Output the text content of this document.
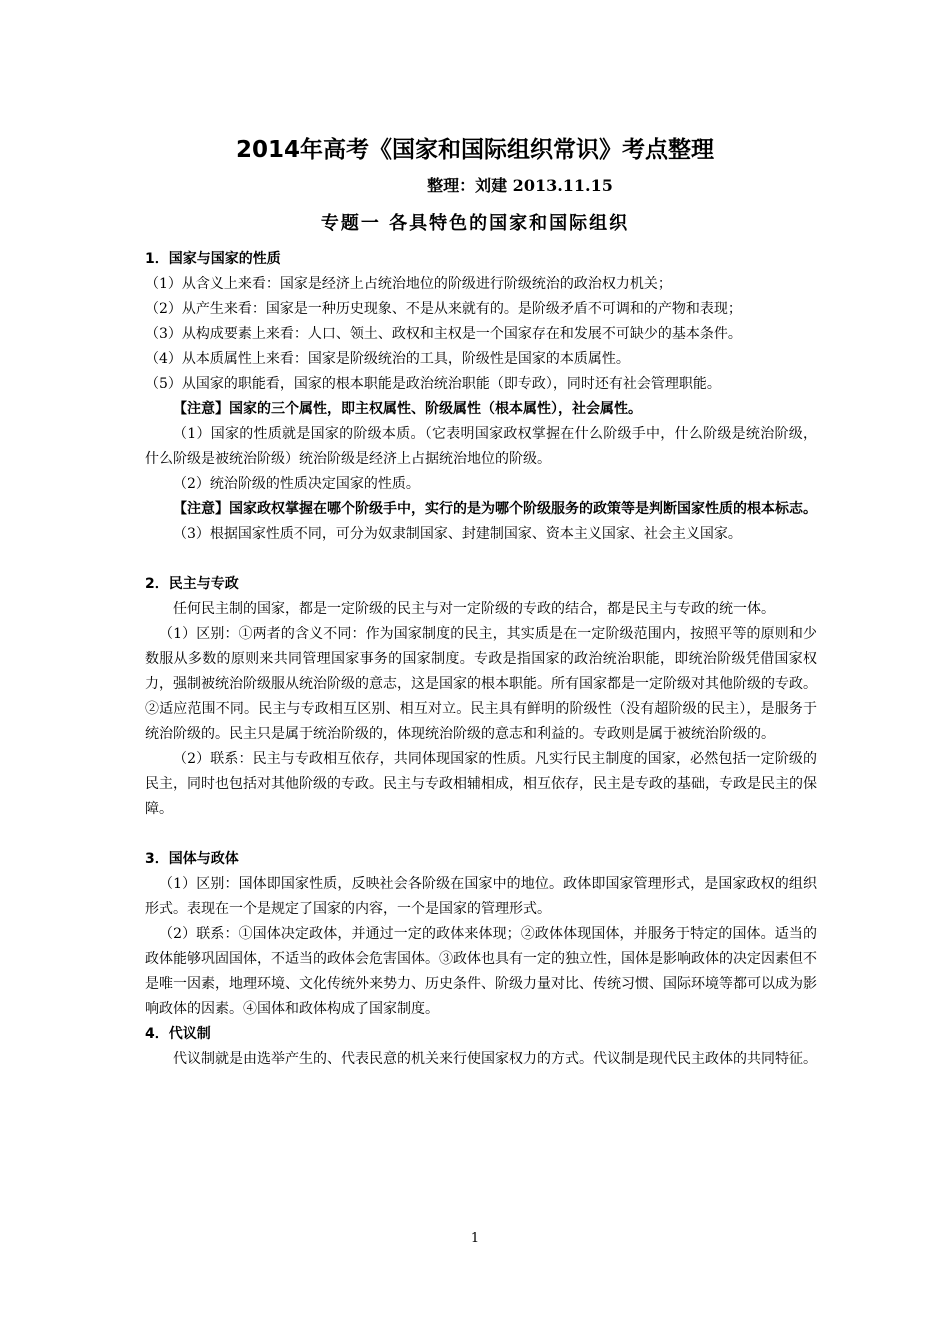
2014年高考《国家和国际组织常识》考点整理
整理：刘建 2013.11.15
专题一 各具特色的国家和国际组织

1．国家与国家的性质

（1）从含义上来看：国家是经济上占统治地位的阶级进行阶级统治的政治权力机关；

（2）从产生来看：国家是一种历史现象、不是从来就有的。是阶级矛盾不可调和的产物和表现；

（3）从构成要素上来看：人口、领土、政权和主权是一个国家存在和发展不可缺少的基本条件。

（4）从本质属性上来看：国家是阶级统治的工具，阶级性是国家的本质属性。

（5）从国家的职能看，国家的根本职能是政治统治职能（即专政），同时还有社会管理职能。

【注意】国家的三个属性，即主权属性、阶级属性（根本属性），社会属性。

（1）国家的性质就是国家的阶级本质。（它表明国家政权掌握在什么阶级手中，什么阶级是统治阶级，什么阶级是被统治阶级）统治阶级是经济上占据统治地位的阶级。

（2）统治阶级的性质决定国家的性质。

【注意】国家政权掌握在哪个阶级手中，实行的是为哪个阶级服务的政策等是判断国家性质的根本标志。

（3）根据国家性质不同，可分为奴隶制国家、封建制国家、资本主义国家、社会主义国家。

2．民主与专政

任何民主制的国家，都是一定阶级的民主与对一定阶级的专政的结合，都是民主与专政的统一体。

（1）区别：①两者的含义不同：作为国家制度的民主，其实质是在一定阶级范围内，按照平等的原则和少数服从多数的原则来共同管理国家事务的国家制度。专政是指国家的政治统治职能，即统治阶级凭借国家权力，强制被统治阶级服从统治阶级的意志，这是国家的根本职能。所有国家都是一定阶级对其他阶级的专政。②适应范围不同。民主与专政相互区别、相互对立。民主具有鲜明的阶级性（没有超阶级的民主），是服务于统治阶级的。民主只是属于统治阶级的，体现统治阶级的意志和利益的。专政则是属于被统治阶级的。

（2）联系：民主与专政相互依存，共同体现国家的性质。凡实行民主制度的国家，必然包括一定阶级的民主，同时也包括对其他阶级的专政。民主与专政相辅相成，相互依存，民主是专政的基础，专政是民主的保障。

3．国体与政体

（1）区别：国体即国家性质，反映社会各阶级在国家中的地位。政体即国家管理形式，是国家政权的组织形式。表现在一个是规定了国家的内容，一个是国家的管理形式。

（2）联系：①国体决定政体，并通过一定的政体来体现；②政体体现国体，并服务于特定的国体。适当的政体能够巩固国体，不适当的政体会危害国体。③政体也具有一定的独立性，国体是影响政体的决定因素但不是唯一因素，地理环境、文化传统外来势力、历史条件、阶级力量对比、传统习惯、国际环境等都可以成为影响政体的因素。④国体和政体构成了国家制度。

4．代议制

代议制就是由选举产生的、代表民意的机关来行使国家权力的方式。代议制是现代民主政体的共同特征。

1
